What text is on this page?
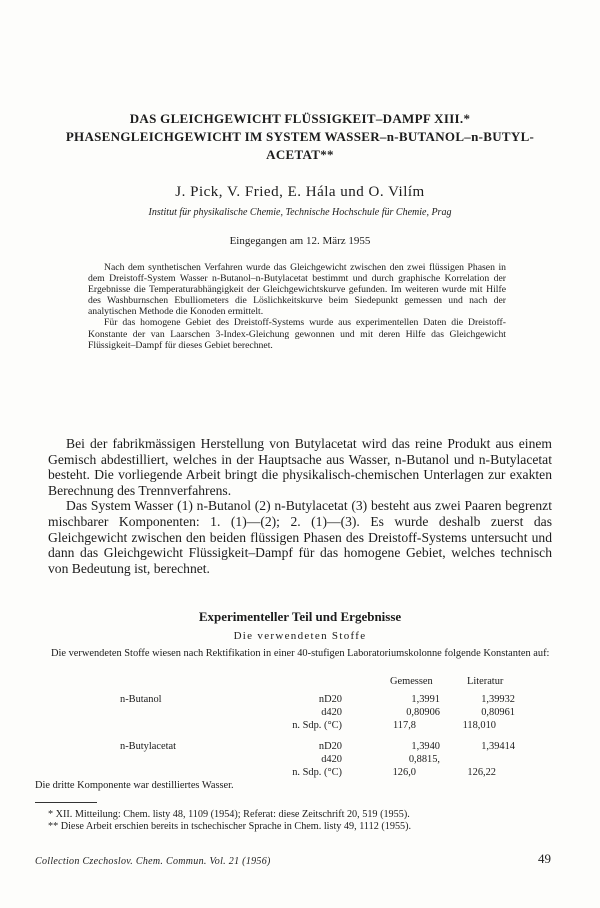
DAS GLEICHGEWICHT FLÜSSIGKEIT–DAMPF XIII.*
PHASENGLEICHGEWICHT IM SYSTEM WASSER–n-BUTANOL–n-BUTYL-
ACETAT**
J. Pick, V. Fried, E. Hála und O. Vilím
Institut für physikalische Chemie, Technische Hochschule für Chemie, Prag
Eingegangen am 12. März 1955

Nach dem synthetischen Verfahren wurde das Gleichgewicht zwischen den zwei flüssigen Phasen in dem Dreistoff-System Wasser n-Butanol–n-Butylacetat bestimmt und durch graphische Korrelation der Ergebnisse die Temperaturabhängigkeit der Gleichgewichtskurve gefunden. Im weiteren wurde mit Hilfe des Washburnschen Ebulliometers die Löslichkeitskurve beim Siedepunkt gemessen und nach der analytischen Methode die Konoden ermittelt.

Für das homogene Gebiet des Dreistoff-Systems wurde aus experimentellen Daten die Dreistoff-Konstante der van Laarschen 3-Index-Gleichung gewonnen und mit deren Hilfe das Gleichgewicht Flüssigkeit–Dampf für dieses Gebiet berechnet.

Bei der fabrikmässigen Herstellung von Butylacetat wird das reine Produkt aus einem Gemisch abdestilliert, welches in der Hauptsache aus Wasser, n-Butanol und n-Butylacetat besteht. Die vorliegende Arbeit bringt die physikalisch-chemischen Unterlagen zur exakten Berechnung des Trennverfahrens.

Das System Wasser (1) n-Butanol (2) n-Butylacetat (3) besteht aus zwei Paaren begrenzt mischbarer Komponenten: 1. (1)—(2); 2. (1)—(3). Es wurde deshalb zuerst das Gleichgewicht zwischen den beiden flüssigen Phasen des Dreistoff-Systems untersucht und dann das Gleichgewicht Flüssigkeit–Dampf für das homogene Gebiet, welches technisch von Bedeutung ist, berechnet.

Experimenteller Teil und Ergebnisse
Die verwendeten Stoffe

Die verwendeten Stoffe wiesen nach Rektifikation in einer 40-stufigen Laboratoriumskolonne folgende Konstanten auf:

Gemessen	Literatur
n-Butanol	nD20	1,3991	1,39932
d420	0,80906	0,80961
n. Sdp. (°C)	117,8	118,010
n-Butylacetat	nD20	1,3940	1,39414
d420	0,8815,
n. Sdp. (°C)	126,0	126,22
Die dritte Komponente war destilliertes Wasser.
* XII. Mitteilung: Chem. listy 48, 1109 (1954); Referat: diese Zeitschrift 20, 519 (1955).
** Diese Arbeit erschien bereits in tschechischer Sprache in Chem. listy 49, 1112 (1955).
Collection Czechoslov. Chem. Commun. Vol. 21 (1956)	49
